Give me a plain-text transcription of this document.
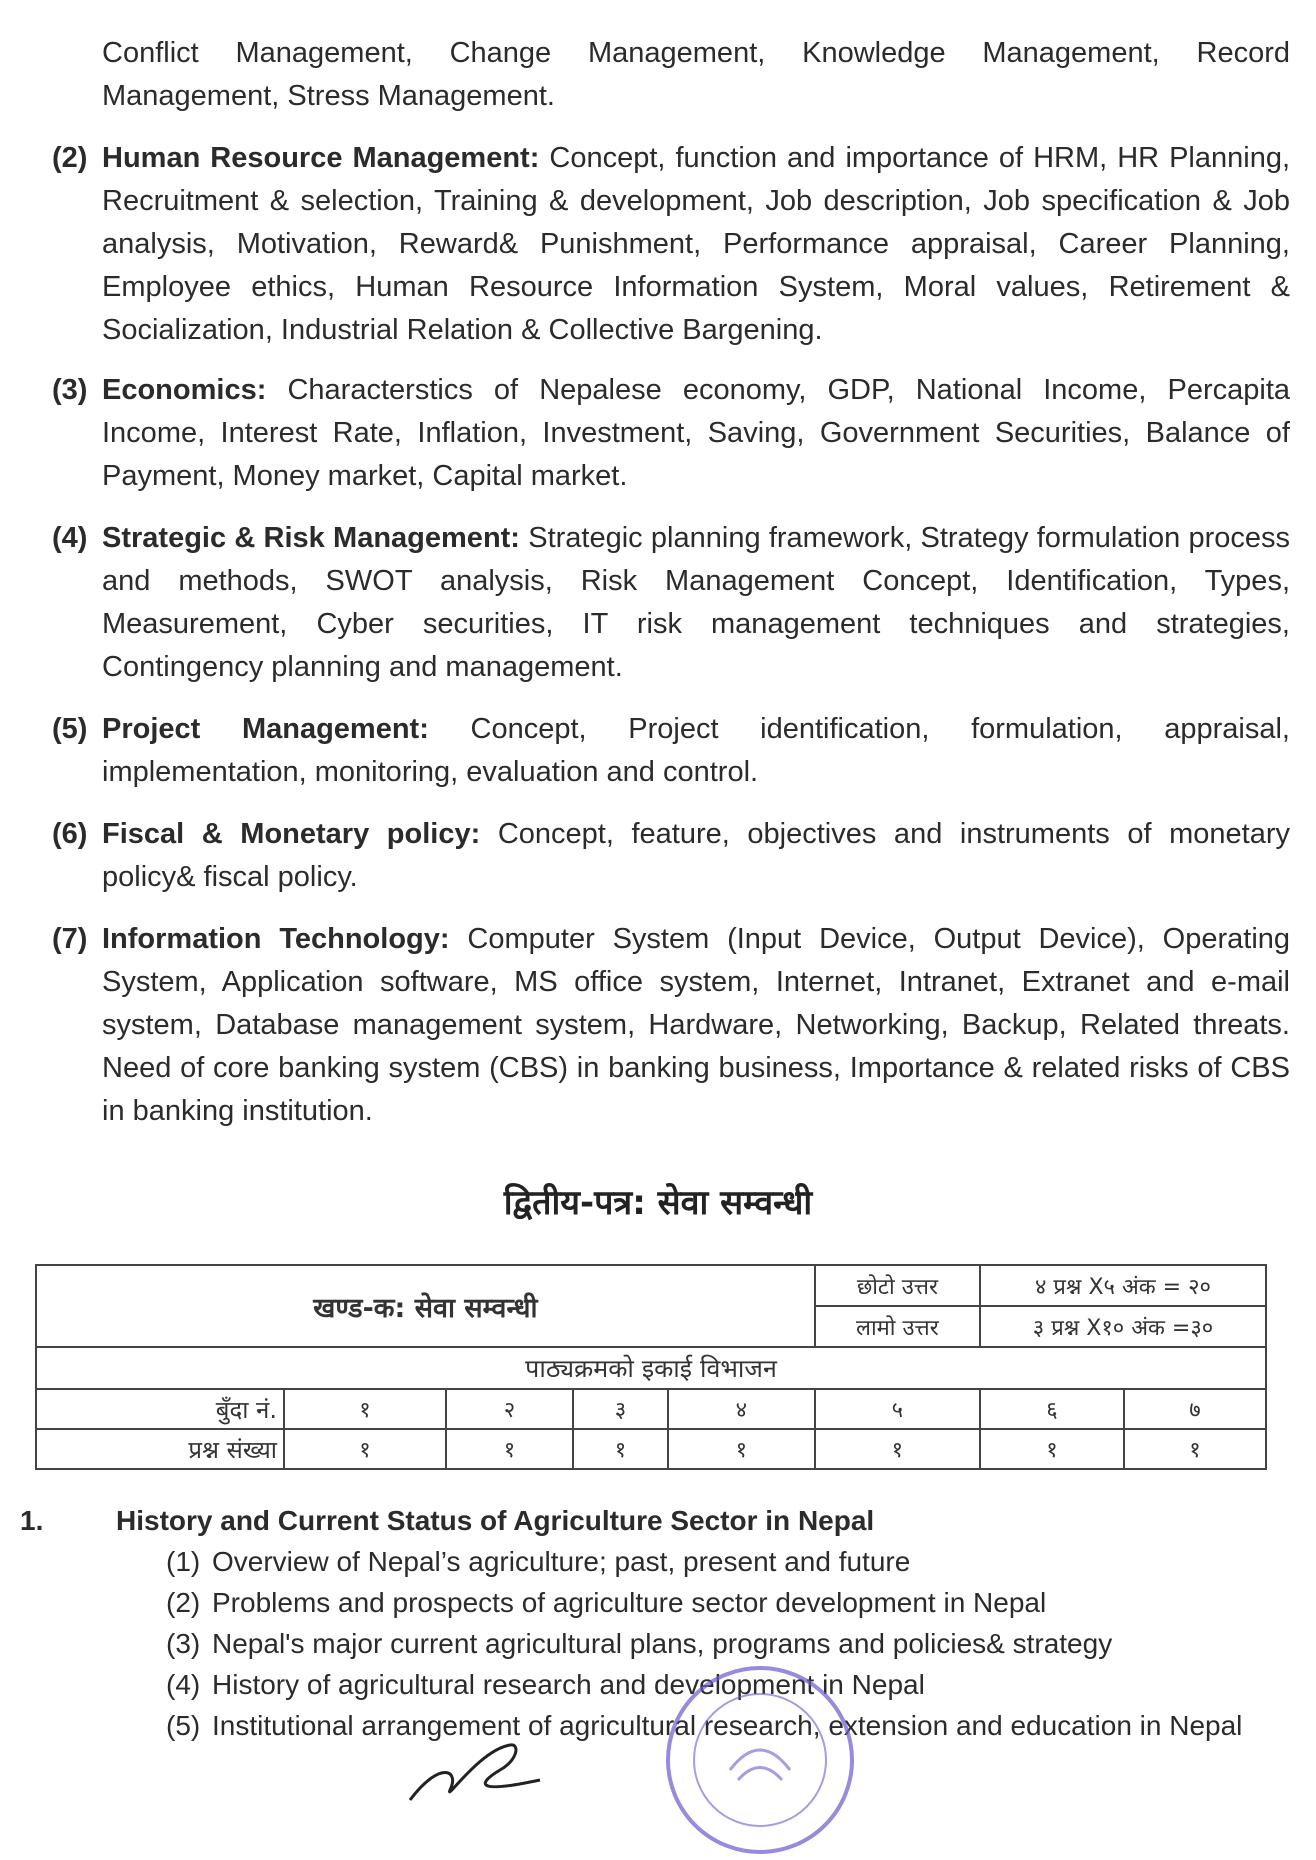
Conflict Management, Change Management, Knowledge Management, Record Management, Stress Management.
(2) Human Resource Management: Concept, function and importance of HRM, HR Planning, Recruitment & selection, Training & development, Job description, Job specification & Job analysis, Motivation, Reward& Punishment, Performance appraisal, Career Planning, Employee ethics, Human Resource Information System, Moral values, Retirement & Socialization, Industrial Relation & Collective Bargening.
(3) Economics: Characterstics of Nepalese economy, GDP, National Income, Percapita Income, Interest Rate, Inflation, Investment, Saving, Government Securities, Balance of Payment, Money market, Capital market.
(4) Strategic & Risk Management: Strategic planning framework, Strategy formulation process and methods, SWOT analysis, Risk Management Concept, Identification, Types, Measurement, Cyber securities, IT risk management techniques and strategies, Contingency planning and management.
(5) Project Management: Concept, Project identification, formulation, appraisal, implementation, monitoring, evaluation and control.
(6) Fiscal & Monetary policy: Concept, feature, objectives and instruments of monetary policy& fiscal policy.
(7) Information Technology: Computer System (Input Device, Output Device), Operating System, Application software, MS office system, Internet, Intranet, Extranet and e-mail system, Database management system, Hardware, Networking, Backup, Related threats. Need of core banking system (CBS) in banking business, Importance & related risks of CBS in banking institution.
द्वितीय-पत्र: सेवा सम्वन्धी
खण्ड-क: सेवा सम्वन्धी					छोटो उत्तर	४ प्रश्न X५ अंक = २०	
					लामो उत्तर	३ प्रश्न X१० अंक =३०	
पाठ्यक्रमको इकाई विभाजन							
बुँदा नं.	१	२	३	४	५	६	७
प्रश्न संख्या	१	१	१	१	१	१	१
1.	History and Current Status of Agriculture Sector in Nepal
(1) Overview of Nepal’s agriculture; past, present and future
(2) Problems and prospects of agriculture sector development in Nepal
(3) Nepal's major current agricultural plans, programs and policies& strategy
(4) History of agricultural research and development in Nepal
(5) Institutional arrangement of agricultural research, extension and education in Nepal
